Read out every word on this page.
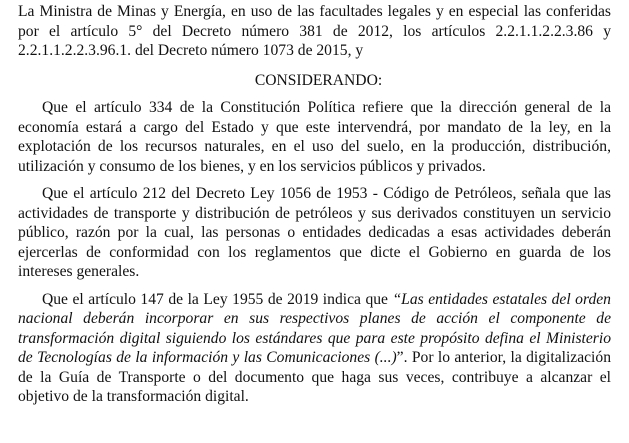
La Ministra de Minas y Energía, en uso de las facultades legales y en especial las conferidas por el artículo 5° del Decreto número 381 de 2012, los artículos 2.2.1.1.2.2.3.86 y 2.2.1.1.2.2.3.96.1. del Decreto número 1073 de 2015, y

CONSIDERANDO:

Que el artículo 334 de la Constitución Política refiere que la dirección general de la economía estará a cargo del Estado y que este intervendrá, por mandato de la ley, en la explotación de los recursos naturales, en el uso del suelo, en la producción, distribución, utilización y consumo de los bienes, y en los servicios públicos y privados.

Que el artículo 212 del Decreto Ley 1056 de 1953 - Código de Petróleos, señala que las actividades de transporte y distribución de petróleos y sus derivados constituyen un servicio público, razón por la cual, las personas o entidades dedicadas a esas actividades deberán ejercerlas de conformidad con los reglamentos que dicte el Gobierno en guarda de los intereses generales.

Que el artículo 147 de la Ley 1955 de 2019 indica que “Las entidades estatales del orden nacional deberán incorporar en sus respectivos planes de acción el componente de transformación digital siguiendo los estándares que para este propósito defina el Ministerio de Tecnologías de la información y las Comunicaciones (...)”. Por lo anterior, la digitalización de la Guía de Transporte o del documento que haga sus veces, contribuye a alcanzar el objetivo de la transformación digital.
